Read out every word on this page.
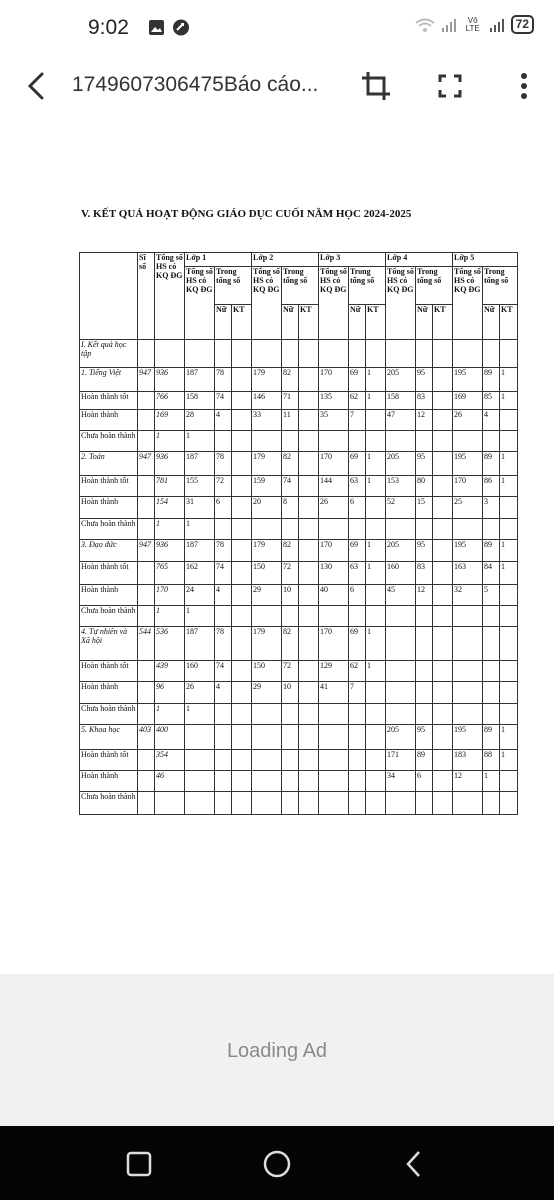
9:02	Vô LTE	72
1749607306475Báo cáo...
V. KẾT QUẢ HOẠT ĐỘNG GIÁO DỤC CUỐI NĂM HỌC 2024-2025
	Sĩ số	Tổng số HS có KQ ĐG	Lớp 1			Lớp 2			Lớp 3			Lớp 4			Lớp 5		
			Tổng số HS có KQ ĐG	Trong tổng số		Tổng số HS có KQ ĐG	Trong tổng số		Tổng số HS có KQ ĐG	Trong tổng số		Tổng số HS có KQ ĐG	Trong tổng số		Tổng số HS có KQ ĐG	Trong tổng số	
				Nữ	KT		Nữ	KT		Nữ	KT		Nữ	KT		Nữ	KT
I. Kết quả học tập																	
1. Tiếng Việt	947	936	187	78		179	82		170	69	1	205	95		195	89	1
Hoàn thành tốt		766	158	74		146	71		135	62	1	158	83		169	85	1
Hoàn thành		169	28	4		33	11		35	7		47	12		26	4	
Chưa hoàn thành		1	1														
2. Toán	947	936	187	78		179	82		170	69	1	205	95		195	89	1
Hoàn thành tốt		781	155	72		159	74		144	63	1	153	80		170	86	1
Hoàn thành		154	31	6		20	8		26	6		52	15		25	3	
Chưa hoàn thành		1	1														
3. Đạo đức	947	936	187	78		179	82		170	69	1	205	95		195	89	1
Hoàn thành tốt		765	162	74		150	72		130	63	1	160	83		163	84	1
Hoàn thành		170	24	4		29	10		40	6		45	12		32	5	
Chưa hoàn thành		1	1														
4. Tự nhiên và Xã hội	544	536	187	78		179	82		170	69	1						
Hoàn thành tốt		439	160	74		150	72		129	62	1						
Hoàn thành		96	26	4		29	10		41	7							
Chưa hoàn thành		1	1														
5. Khoa học	403	400										205	95		195	89	1
Hoàn thành tốt		354										171	89		183	88	1
Hoàn thành		46										34	6		12	1	
Chưa hoàn thành																	
Loading Ad
